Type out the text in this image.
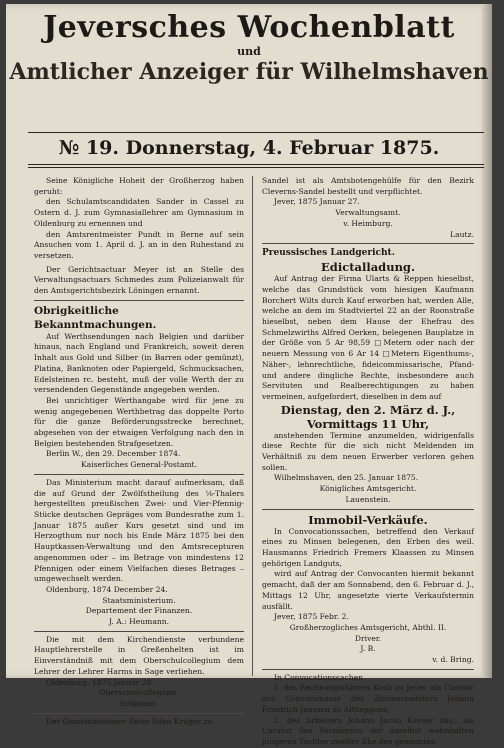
Jeversches Wochenblatt
und
Amtlicher Anzeiger für Wilhelmshaven
№ 19. Donnerstag, 4. Februar 1875.
Seine Königliche Hoheit der Großherzog haben geruht:
den Schulamtscandidaten Sander in Cassel zu Ostern d. J. zum Gymnasiallehrer am Gymnasium in Oldenburg zu ernennen und
den Amtsrentmeister Pundt in Berne auf sein Ansuchen vom 1. April d. J. an in den Ruhestand zu versetzen.
Der Gerichtsactuar Meyer ist an Stelle des Verwaltungsactuars Schmedes zum Polizeianwalt für den Amtsgerichtsbezirk Löningen ernannt.
Obrigkeitliche Bekanntmachungen.
Auf Werthsendungen nach Belgien und darüber hinaus, nach England und Frankreich, soweit deren Inhalt aus Gold und Silber (in Barren oder gemünzt), Platina, Banknoten oder Papiergeld, Schmucksachen, Edelsteinen rc. besteht, muß der volle Werth der zu versendenden Gegenstände angegeben werden.
Bei unrichtiger Werthangabe wird für jene zu wenig angegebenen Werthbetrag das doppelte Porto für die ganze Beförderungsstrecke berechnet, abgesehen von der etwaigen Verfolgung nach den in Belgien bestehenden Strafgesetzen.
Berlin W., den 29. December 1874.
Kaiserliches General-Postamt.
Das Ministerium macht darauf aufmerksam, daß die auf Grund der Zwölfstheilung des ⅛-Thalers hergestellten preußischen Zwei- und Vier-Pfennig-Stücke deutschen Gepräges vom Bundesrathe zum 1. Januar 1875 außer Kurs gesetzt sind und im Herzogthum nur noch bis Ende März 1875 bei den Hauptkassen-Verwaltung und den Amtsrecepturen angenommen oder – im Betrage von mindestens 12 Pfennigen oder einem Vielfachen dieses Betrages – umgewechselt werden.
Oldenburg, 1874 December 24.
Staatsministerium.
Departement der Finanzen.
J. A.: Heumann.
Die mit dem Kirchendienste verbundene Hauptlehrerstelle in Greßenhelten ist im Einverständniß mit dem Oberschulcollegium dem Lehrer der Lehrer Harms in Sage verliehen.
Oldenburg, 1875 Januar 28.
Oberschulcollegium.
Erdmann.
Der Gemeindebiener Seise Eden Krüger zu
Sandel ist als Amtsbotengehülfe für den Bezirk Cleverns-Sandel bestellt und verpflichtet.
Jever, 1875 Januar 27.
Verwaltungsamt.
v. Heimburg.
Lautz.
Preussisches Landgericht.
Edictalladung.
Auf Antrag der Firma Ularts & Reppen hieselbst, welche das Grundstück vom hiesigen Kaufmann Borchert Wilts durch Kauf erworben hat, werden Alle, welche an dem im Stadtviertel 22 an der Roonstraße hieselbst, neben dem Hause der Ehefrau des Schmelzwirths Alfred Oerken, belegenen Bauplatze in der Größe von 5 Ar 98,59 □Metern oder nach der neuern Messung von 6 Ar 14 □Metern Eigenthums-, Näher-, lehnrechtliche, fideicommissarische, Pfand- und andere dingliche Rechte, insbesondere auch Servituten und Realberechtigungen zu haben vermeinen, aufgefordert, dieselben in dem auf
Dienstag, den 2. März d. J., Vormittags 11 Uhr,
anstehenden Termine anzumelden, widrigenfalls diese Rechte für die sich nicht Meldenden im Verhältniß zu dem neuen Erwerber verloren gehen sollen.
Wilhelmshaven, den 25. Januar 1875.
Königliches Amtsgericht.
Lauenstein.
Immobil-Verkäufe.
In Convocationssachen, betreffend den Verkauf eines zu Minsen belegenen, den Erben des weil. Hausmanns Friedrich Fremers Klaassen zu Minsen gehörigen Landguts,
wird auf Antrag der Convocanten hiermit bekannt gemacht, daß der am Sonnabend, den 6. Februar d. J., Mittags 12 Uhr, angesetzte vierte Verkaufstermin ausfällt.
Jever, 1875 Febr. 2.
Großherzogliches Amtsgericht, Abthl. II.
Driver.
J. B.
v. d. Bring.
In Convocationssachen
1. des Rechnungsführers Koch zu Jever, als Curator des Concursmasse des Zimmermeisters Johann Friedrich Janssen zu Altheppens,
2. des Arbeiters Johann Jacob Kayser das., als Curator des Vermögens der daselbst wohnhaften jüngeren Tochter zweiter Ehe des genannten
